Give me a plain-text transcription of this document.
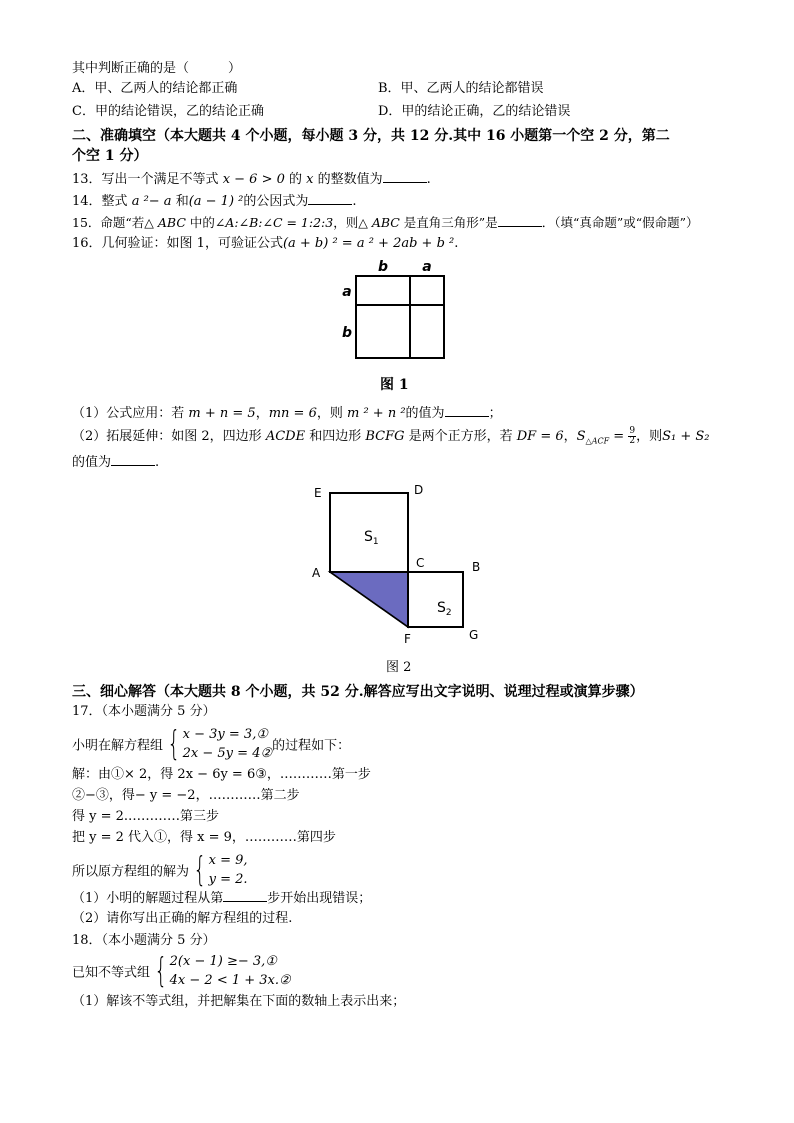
其中判断正确的是（　　　）
A．甲、乙两人的结论都正确	B．甲、乙两人的结论都错误
C．甲的结论错误，乙的结论正确	D．甲的结论正确，乙的结论错误
二、准确填空（本大题共 4 个小题，每小题 3 分，共 12 分.其中 16 小题第一个空 2 分，第二
个空 1 分）
13．写出一个满足不等式 x − 6 > 0 的 x 的整数值为	.
14．整式 a ²− a 和(a − 1) ²的公因式为	.
15．命题“若△ ABC 中的∠A:∠B:∠C = 1:2:3，则△ ABC 是直角三角形”是	．（填“真命题”或“假命题”）
16．几何验证：如图 1，可验证公式(a + b) ² = a ² + 2ab + b ².
b a
a
b
图 1
（1）公式应用：若 m + n = 5，mn = 6，则 m ² + n ²的值为	；
（2）拓展延伸：如图 2，四边形 ACDE 和四边形 BCFG 是两个正方形，若 DF = 6，$S_{\triangle ACF} = \frac{9}{2}$ ，则S₁ + S₂
的值为	.
E	D
$S_1$
C	B
A
$S_2$
F	G
图 2
三、细心解答（本大题共 8 个小题，共 52 分.解答应写出文字说明、说理过程或演算步骤）
17．（本小题满分 5 分）
小明在解方程组 { x − 3y = 3,①
2x − 5y = 4② 的过程如下：
解：由①× 2，得 2x − 6y = 6③，…………第一步
②−③，得− y = −2，…………第二步
得 y = 2.…………第三步
把 y = 2 代入①，得 x = 9，…………第四步
所以原方程组的解为 { x = 9,
y = 2.
（1）小明的解题过程从第	步开始出现错误；
（2）请你写出正确的解方程组的过程.
18．（本小题满分 5 分）
已知不等式组 { 2(x − 1) ≥− 3,①
4x − 2 < 1 + 3x.②
（1）解该不等式组，并把解集在下面的数轴上表示出来；
